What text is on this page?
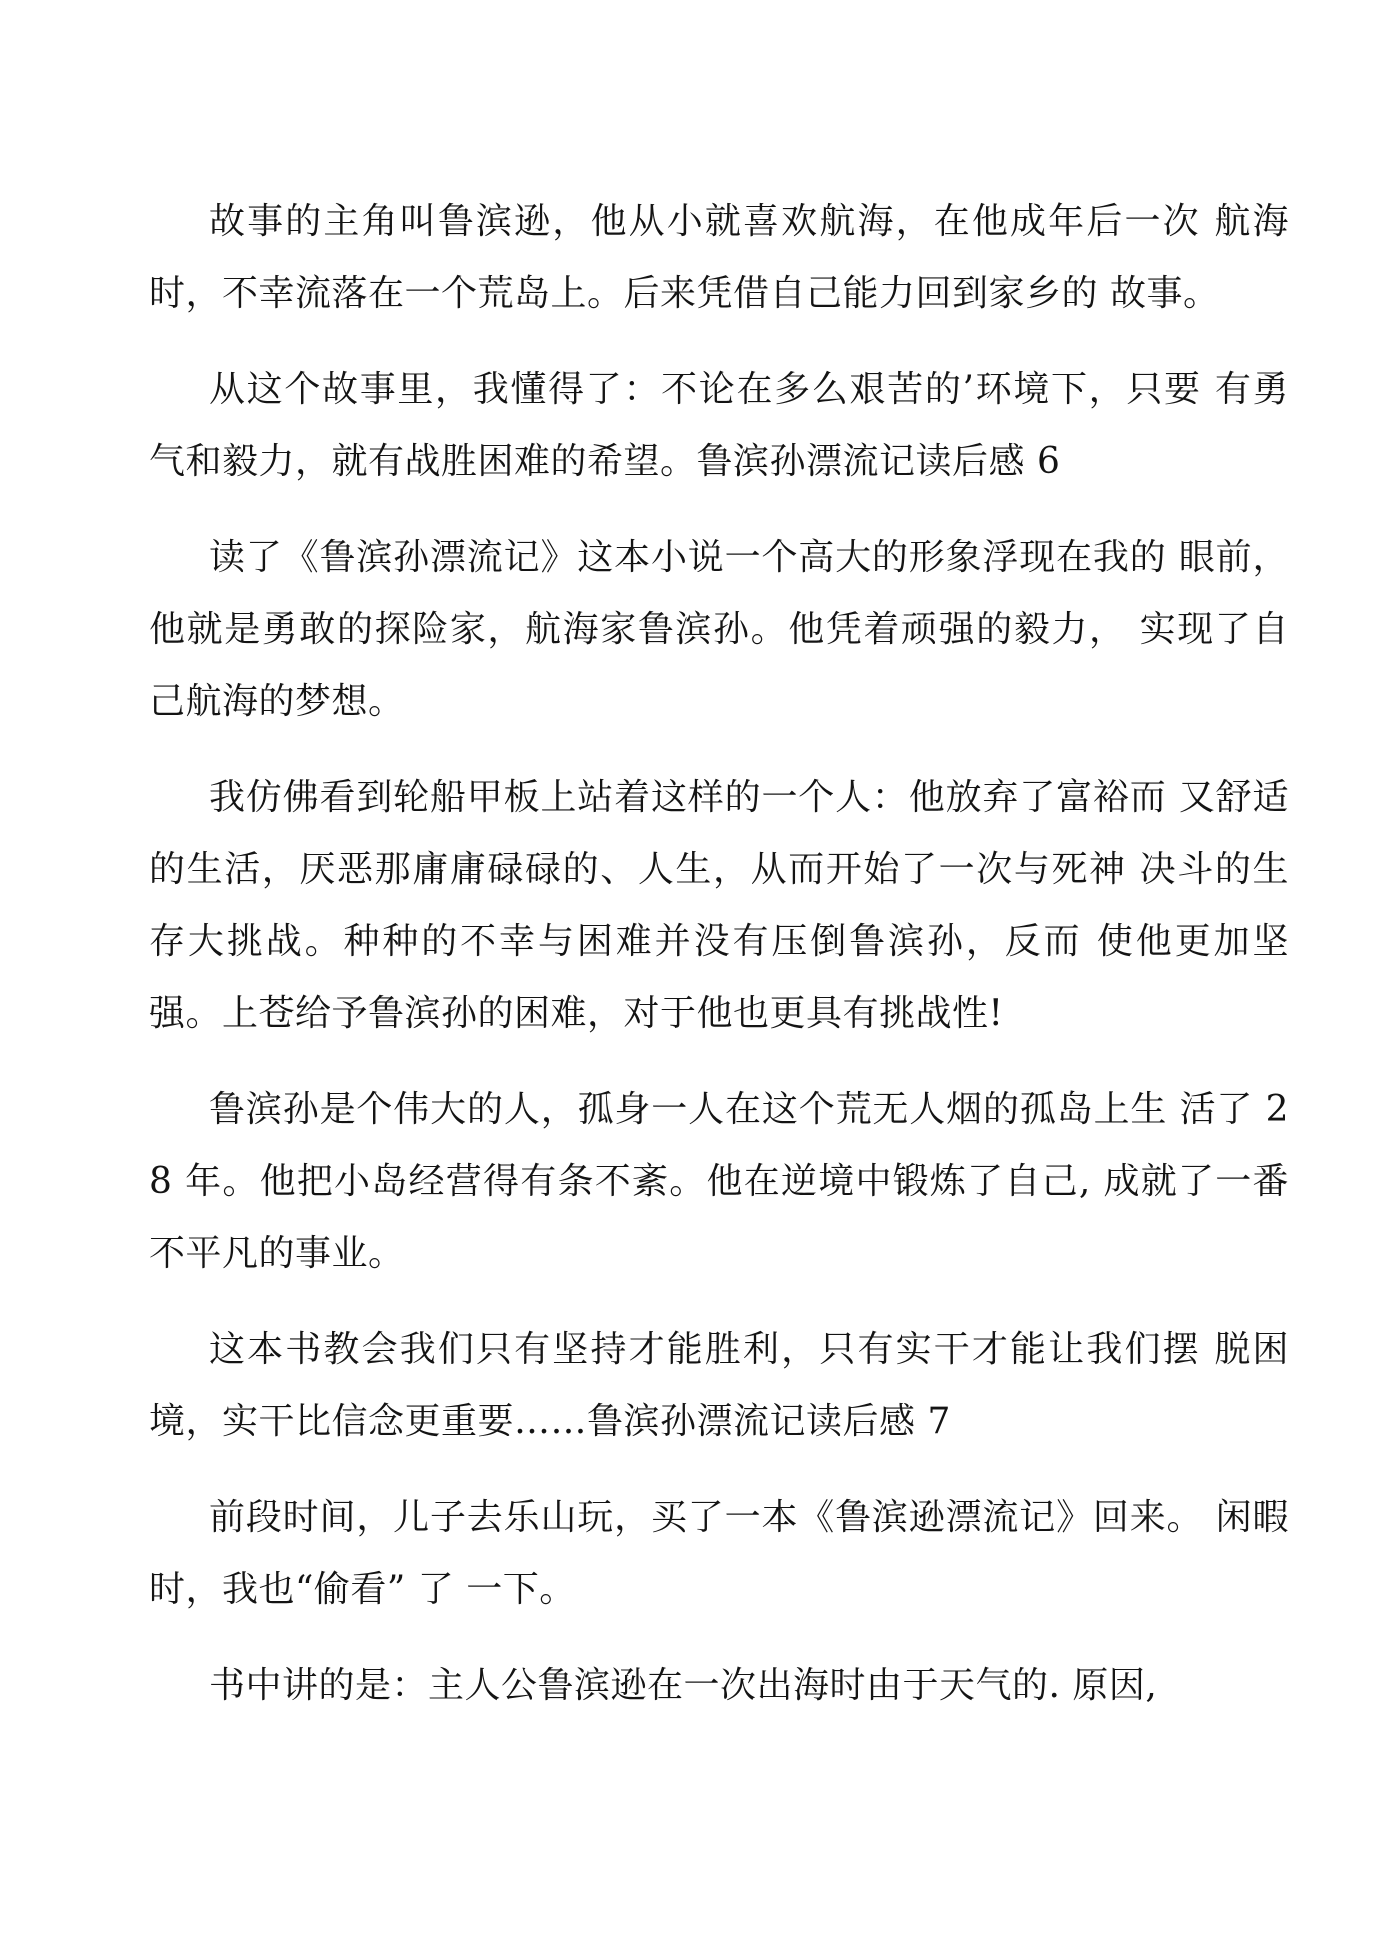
故事的主角叫鲁滨逊，他从小就喜欢航海，在他成年后一次 航海时，不幸流落在一个荒岛上。后来凭借自己能力回到家乡的 故事。

从这个故事里，我懂得了：不论在多么艰苦的’环境下，只要 有勇气和毅力，就有战胜困难的希望。鲁滨孙漂流记读后感 6

读了《鲁滨孙漂流记》这本小说一个高大的形象浮现在我的 眼前，他就是勇敢的探险家，航海家鲁滨孙。他凭着顽强的毅力， 实现了自己航海的梦想。

我仿佛看到轮船甲板上站着这样的一个人：他放弃了富裕而 又舒适的生活，厌恶那庸庸碌碌的、人生，从而开始了一次与死神 决斗的生存大挑战。种种的不幸与困难并没有压倒鲁滨孙，反而 使他更加坚强。上苍给予鲁滨孙的困难，对于他也更具有挑战性!

鲁滨孙是个伟大的人，孤身一人在这个荒无人烟的孤岛上生 活了 28 年。他把小岛经营得有条不紊。他在逆境中锻炼了自己, 成就了一番不平凡的事业。

这本书教会我们只有坚持才能胜利，只有实干才能让我们摆 脱困境，实干比信念更重要……鲁滨孙漂流记读后感 7

前段时间，儿子去乐山玩，买了一本《鲁滨逊漂流记》回来。 闲暇时，我也“偷看” 了 一下。

书中讲的是：主人公鲁滨逊在一次出海时由于天气的. 原因,
